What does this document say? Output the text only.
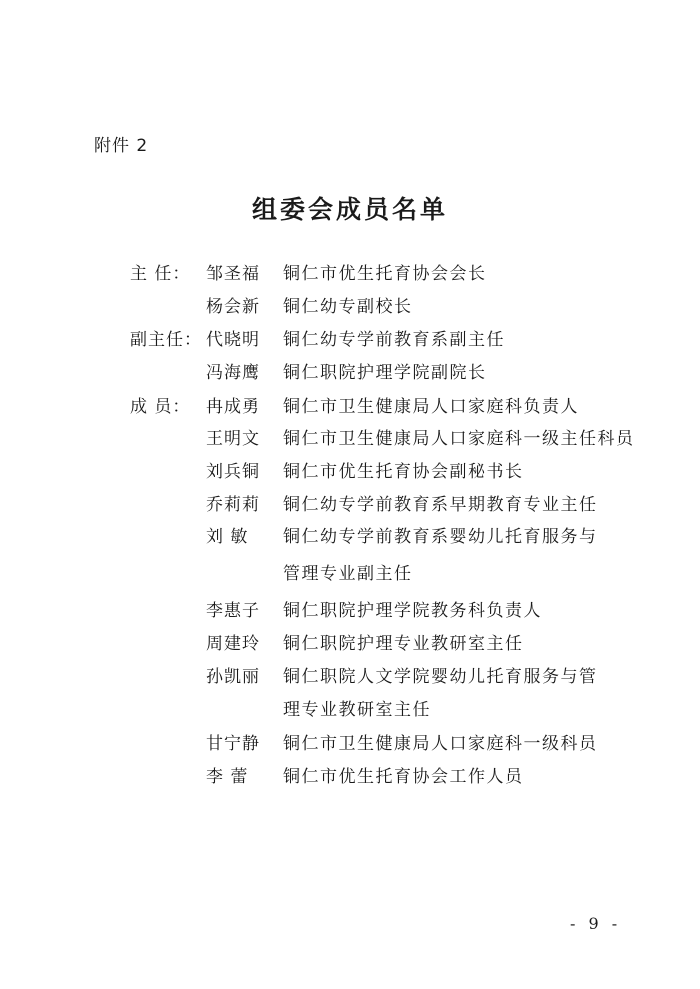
附件 2
组委会成员名单
主 任： 邹圣福 铜仁市优生托育协会会长
杨会新 铜仁幼专副校长
副主任： 代晓明 铜仁幼专学前教育系副主任
冯海鹰 铜仁职院护理学院副院长
成 员： 冉成勇 铜仁市卫生健康局人口家庭科负责人
王明文 铜仁市卫生健康局人口家庭科一级主任科员
刘兵铜 铜仁市优生托育协会副秘书长
乔莉莉 铜仁幼专学前教育系早期教育专业主任
刘 敏 铜仁幼专学前教育系婴幼儿托育服务与
管理专业副主任
李惠子 铜仁职院护理学院教务科负责人
周建玲 铜仁职院护理专业教研室主任
孙凯丽 铜仁职院人文学院婴幼儿托育服务与管
理专业教研室主任
甘宁静 铜仁市卫生健康局人口家庭科一级科员
李 蕾 铜仁市优生托育协会工作人员
- 9 -
